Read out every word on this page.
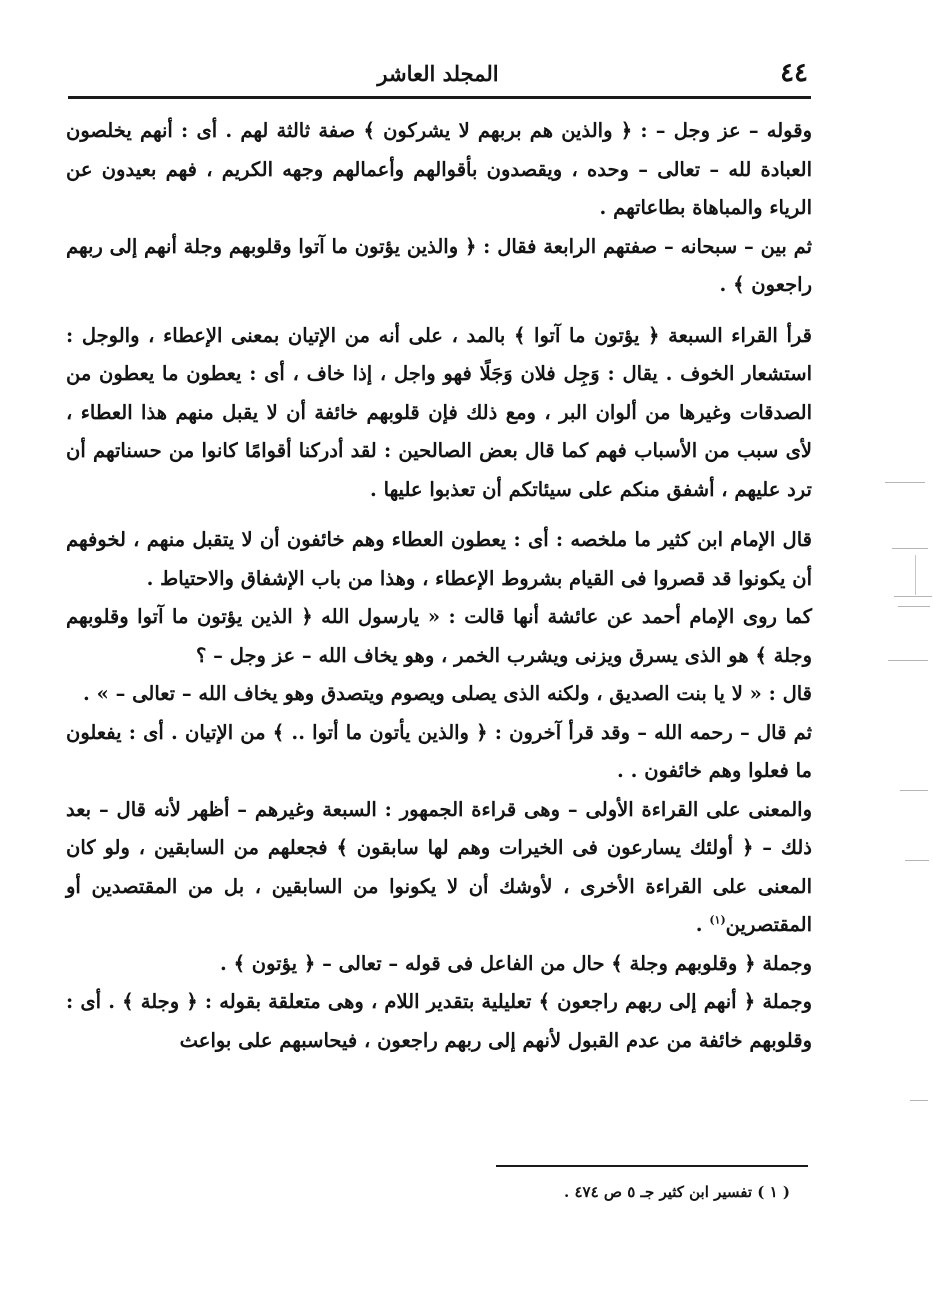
٤٤
المجلد العاشر

وقوله – عز وجل – : ﴿ والذين هم بربهم لا يشركون ﴾ صفة ثالثة لهم . أى : أنهم يخلصون العبادة لله – تعالى – وحده ، ويقصدون بأقوالهم وأعمالهم وجهه الكريم ، فهم بعيدون عن الرياء والمباهاة بطاعاتهم .

ثم بين – سبحانه – صفتهم الرابعة فقال : ﴿ والذين يؤتون ما آتوا وقلوبهم وجلة أنهم إلى ربهم راجعون ﴾ .

قرأ القراء السبعة ﴿ يؤتون ما آتوا ﴾ بالمد ، على أنه من الإتيان بمعنى الإعطاء ، والوجل : استشعار الخوف . يقال : وَجِل فلان وَجَلًا فهو واجل ، إذا خاف ، أى : يعطون ما يعطون من الصدقات وغيرها من ألوان البر ، ومع ذلك فإن قلوبهم خائفة أن لا يقبل منهم هذا العطاء ، لأى سبب من الأسباب فهم كما قال بعض الصالحين : لقد أدركنا أقوامًا كانوا من حسناتهم أن ترد عليهم ، أشفق منكم على سيئاتكم أن تعذبوا عليها .

قال الإمام ابن كثير ما ملخصه : أى : يعطون العطاء وهم خائفون أن لا يتقبل منهم ، لخوفهم أن يكونوا قد قصروا فى القيام بشروط الإعطاء ، وهذا من باب الإشفاق والاحتياط .

كما روى الإمام أحمد عن عائشة أنها قالت : « يارسول الله ﴿ الذين يؤتون ما آتوا وقلوبهم وجلة ﴾ هو الذى يسرق ويزنى ويشرب الخمر ، وهو يخاف الله – عز وجل – ؟

قال : « لا يا بنت الصديق ، ولكنه الذى يصلى ويصوم ويتصدق وهو يخاف الله – تعالى – » .

ثم قال – رحمه الله – وقد قرأ آخرون : ﴿ والذين يأتون ما أتوا .. ﴾ من الإتيان . أى : يفعلون ما فعلوا وهم خائفون . .

والمعنى على القراءة الأولى – وهى قراءة الجمهور : السبعة وغيرهم – أظهر لأنه قال – بعد ذلك – ﴿ أولئك يسارعون فى الخيرات وهم لها سابقون ﴾ فجعلهم من السابقين ، ولو كان المعنى على القراءة الأخرى ، لأوشك أن لا يكونوا من السابقين ، بل من المقتصدين أو المقتصرين$^{(١)}$ .

وجملة ﴿ وقلوبهم وجلة ﴾ حال من الفاعل فى قوله – تعالى – ﴿ يؤتون ﴾ .

وجملة ﴿ أنهم إلى ربهم راجعون ﴾ تعليلية بتقدير اللام ، وهى متعلقة بقوله : ﴿ وجلة ﴾ . أى : وقلوبهم خائفة من عدم القبول لأنهم إلى ربهم راجعون ، فيحاسبهم على بواعث

( ١ ) تفسير ابن كثير جـ ٥ ص ٤٧٤ .
